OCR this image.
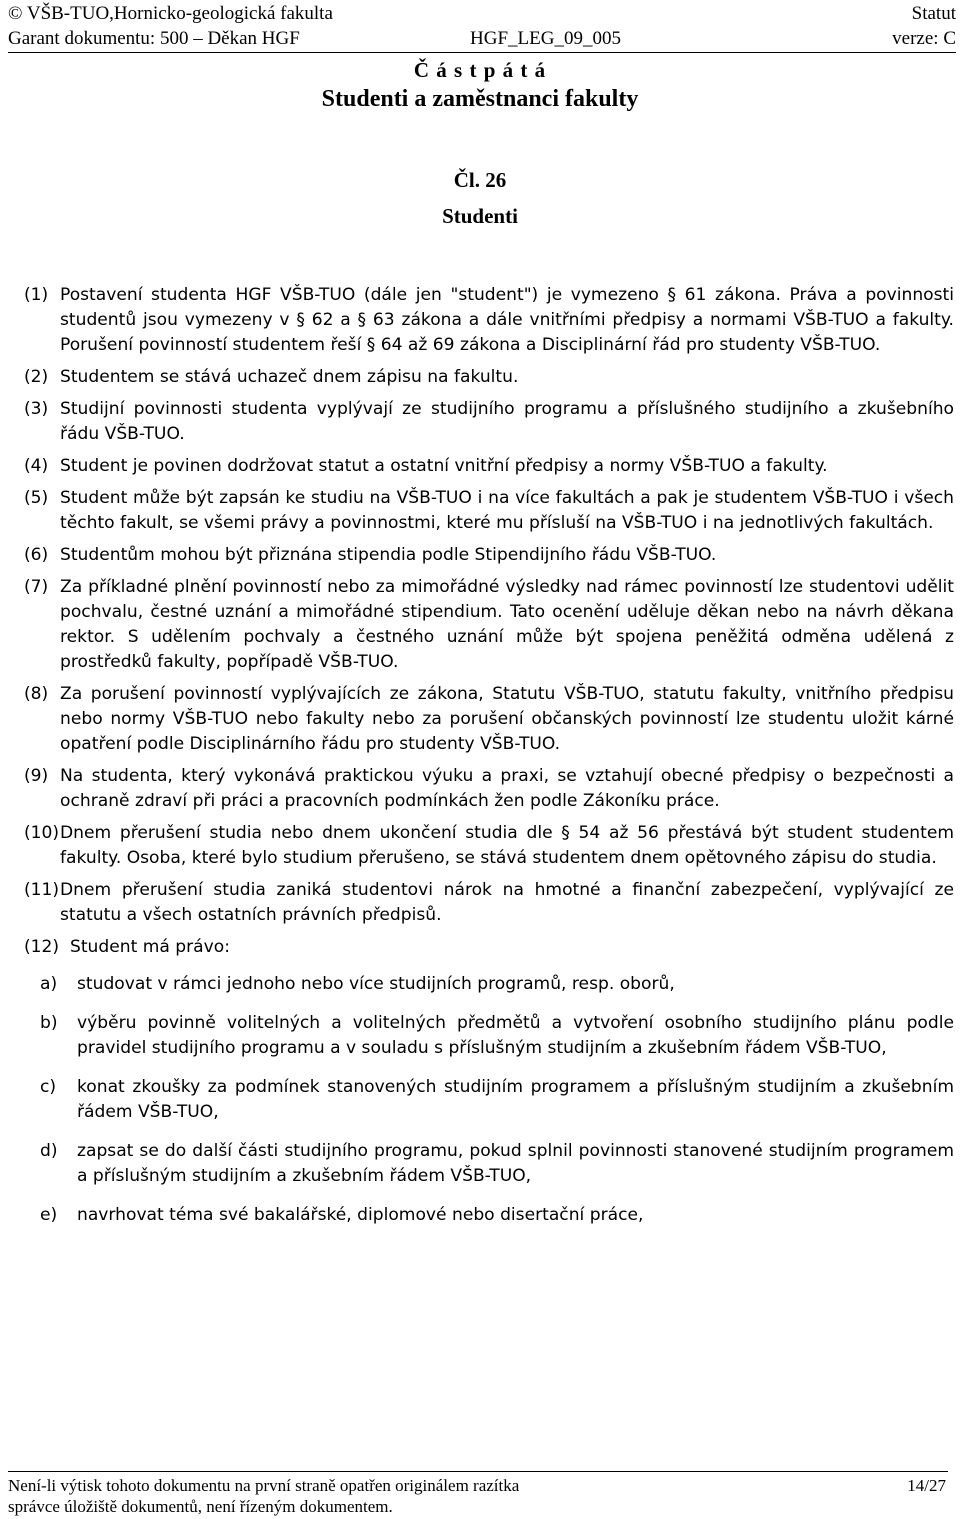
© VŠB-TUO,Hornicko-geologická fakulta	Statut
Garant dokumentu: 500 – Děkan HGF	HGF_LEG_09_005	verze: C
Č á s t p á t á
Studenti a zaměstnanci fakulty
Čl. 26
Studenti
(1) Postavení studenta HGF VŠB-TUO (dále jen "student") je vymezeno § 61 zákona. Práva a povinnosti studentů jsou vymezeny v § 62 a § 63 zákona a dále vnitřními předpisy a normami VŠB-TUO a fakulty. Porušení povinností studentem řeší § 64 až 69 zákona a Disciplinární řád pro studenty VŠB-TUO.
(2) Studentem se stává uchazeč dnem zápisu na fakultu.
(3) Studijní povinnosti studenta vyplývají ze studijního programu a příslušného studijního a zkušebního řádu VŠB-TUO.
(4) Student je povinen dodržovat statut a ostatní vnitřní předpisy a normy VŠB-TUO a fakulty.
(5) Student může být zapsán ke studiu na VŠB-TUO i na více fakultách a pak je studentem VŠB-TUO i všech těchto fakult, se všemi právy a povinnostmi, které mu přísluší na VŠB-TUO i na jednotlivých fakultách.
(6) Studentům mohou být přiznána stipendia podle Stipendijního řádu VŠB-TUO.
(7) Za příkladné plnění povinností nebo za mimořádné výsledky nad rámec povinností lze studentovi udělit pochvalu, čestné uznání a mimořádné stipendium. Tato ocenění uděluje děkan nebo na návrh děkana rektor. S udělením pochvaly a čestného uznání může být spojena peněžitá odměna udělená z prostředků fakulty, popřípadě VŠB-TUO.
(8) Za porušení povinností vyplývajících ze zákona, Statutu VŠB-TUO, statutu fakulty, vnitřního předpisu nebo normy VŠB-TUO nebo fakulty nebo za porušení občanských povinností lze studentu uložit kárné opatření podle Disciplinárního řádu pro studenty VŠB-TUO.
(9) Na studenta, který vykonává praktickou výuku a praxi, se vztahují obecné předpisy o bezpečnosti a ochraně zdraví při práci a pracovních podmínkách žen podle Zákoníku práce.
(10) Dnem přerušení studia nebo dnem ukončení studia dle § 54 až 56 přestává být student studentem fakulty. Osoba, které bylo studium přerušeno, se stává studentem dnem opětovného zápisu do studia.
(11) Dnem přerušení studia zaniká studentovi nárok na hmotné a finanční zabezpečení, vyplývající ze statutu a všech ostatních právních předpisů.
(12) Student má právo:
a) studovat v rámci jednoho nebo více studijních programů, resp. oborů,
b) výběru povinně volitelných a volitelných předmětů a vytvoření osobního studijního plánu podle pravidel studijního programu a v souladu s příslušným studijním a zkušebním řádem VŠB-TUO,
c) konat zkoušky za podmínek stanovených studijním programem a příslušným studijním a zkušebním řádem VŠB-TUO,
d) zapsat se do další části studijního programu, pokud splnil povinnosti stanovené studijním programem a příslušným studijním a zkušebním řádem VŠB-TUO,
e) navrhovat téma své bakalářské, diplomové nebo disertační práce,
Není-li výtisk tohoto dokumentu na první straně opatřen originálem razítka	14/27
správce úložiště dokumentů, není řízeným dokumentem.
